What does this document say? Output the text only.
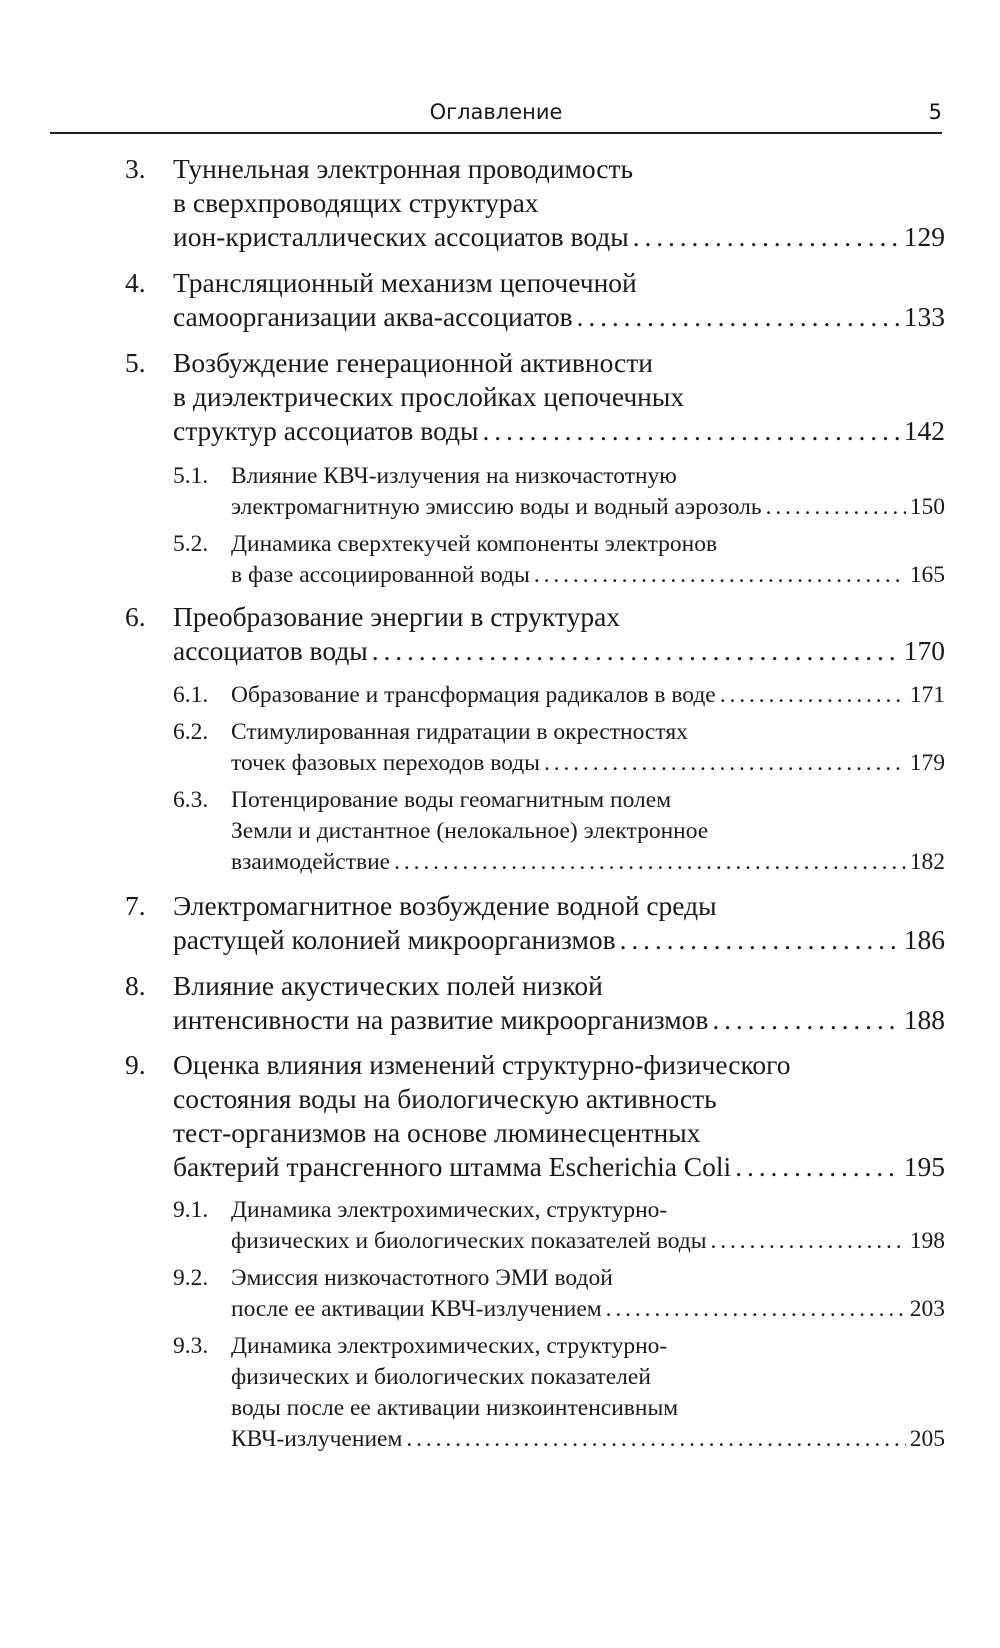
Оглавление	5
3. Туннельная электронная проводимость
в сверхпроводящих структурах
ион-кристаллических ассоциатов воды . . .	129
4. Трансляционный механизм цепочечной
самоорганизации аква-ассоциатов . . .	133
5. Возбуждение генерационной активности
в диэлектрических прослойках цепочечных
структур ассоциатов воды . . .	142
5.1. Влияние КВЧ-излучения на низкочастотную
электромагнитную эмиссию воды и водный аэрозоль . . .	150
5.2. Динамика сверхтекучей компоненты электронов
в фазе ассоциированной воды . . .	165
6. Преобразование энергии в структурах
ассоциатов воды . . .	170
6.1. Образование и трансформация радикалов в воде . . .	171
6.2. Стимулированная гидратации в окрестностях
точек фазовых переходов воды . . .	179
6.3. Потенцирование воды геомагнитным полем
Земли и дистантное (нелокальное) электронное
взаимодействие . . .	182
7. Электромагнитное возбуждение водной среды
растущей колонией микроорганизмов . . .	186
8. Влияние акустических полей низкой
интенсивности на развитие микроорганизмов . . .	188
9. Оценка влияния изменений структурно-физического
состояния воды на биологическую активность
тест-организмов на основе люминесцентных
бактерий трансгенного штамма Escherichia Coli . . .	195
9.1. Динамика электрохимических, структурно-
физических и биологических показателей воды . . .	198
9.2. Эмиссия низкочастотного ЭМИ водой
после ее активации КВЧ-излучением . . .	203
9.3. Динамика электрохимических, структурно-
физических и биологических показателей
воды после ее активации низкоинтенсивным
КВЧ-излучением . . .	205
